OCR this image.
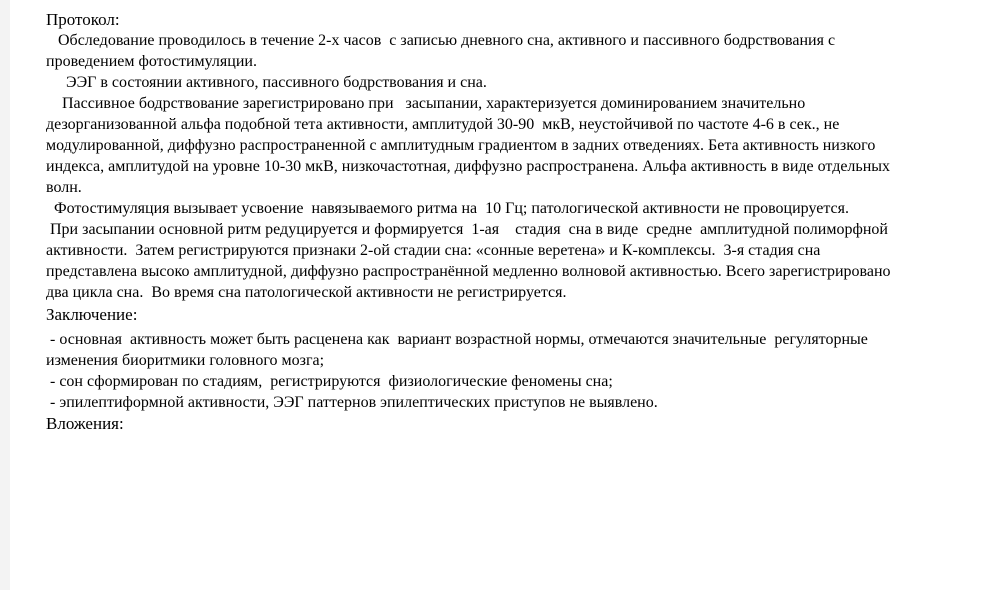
Протокол:
Обследование проводилось в течение 2-х часов  с записью дневного сна, активного и пассивного бодрствования с
проведением фотостимуляции.
ЭЭГ в состоянии активного, пассивного бодрствования и сна.
Пассивное бодрствование зарегистрировано при   засыпании, характеризуется доминированием значительно
дезорганизованной альфа подобной тета активности, амплитудой 30-90  мкВ, неустойчивой по частоте 4-6 в сек., не
модулированной, диффузно распространенной с амплитудным градиентом в задних отведениях. Бета активность низкого
индекса, амплитудой на уровне 10-30 мкВ, низкочастотная, диффузно распространена. Альфа активность в виде отдельных
волн.
Фотостимуляция вызывает усвоение  навязываемого ритма на  10 Гц; патологической активности не провоцируется.
При засыпании основной ритм редуцируется и формируется  1-ая    стадия  сна в виде  средне  амплитудной полиморфной
активности.  Затем регистрируются признаки 2-ой стадии сна: «сонные веретена» и К-комплексы.  3-я стадия сна
представлена высоко амплитудной, диффузно распространённой медленно волновой активностью. Всего зарегистрировано
два цикла сна.  Во время сна патологической активности не регистрируется.
Заключение:
- основная  активность может быть расценена как  вариант возрастной нормы, отмечаются значительные  регуляторные
изменения биоритмики головного мозга;
- сон сформирован по стадиям,  регистрируются  физиологические феномены сна;
- эпилептиформной активности, ЭЭГ паттернов эпилептических приступов не выявлено.
Вложения:
